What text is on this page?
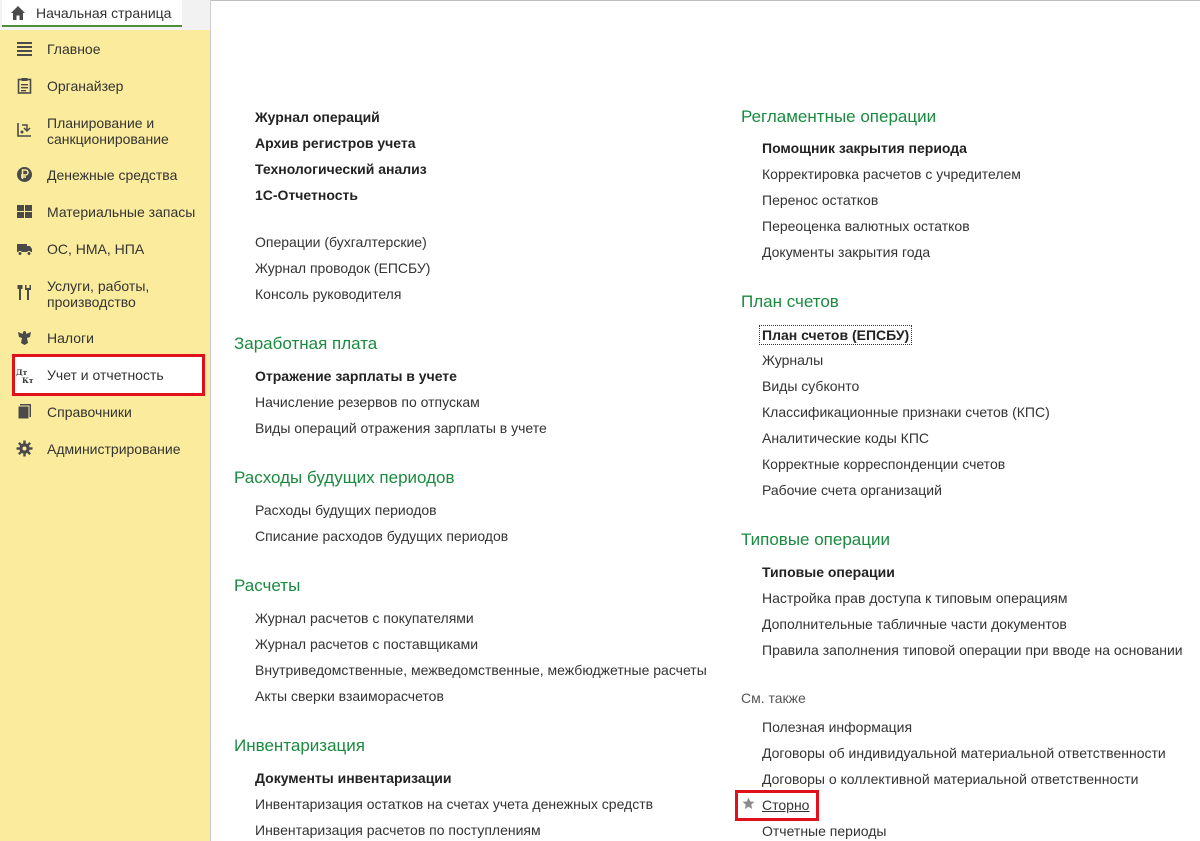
Начальная страница
Главное
Органайзер
Планирование и санкционирование
Денежные средства
Материальные запасы
ОС, НМА, НПА
Услуги, работы, производство
Налоги
Дт
Кт Учет и отчетность
Справочники
Администрирование
Журнал операций
Архив регистров учета
Технологический анализ
1С-Отчетность
Операции (бухгалтерские)
Журнал проводок (ЕПСБУ)
Консоль руководителя
Заработная плата
Отражение зарплаты в учете
Начисление резервов по отпускам
Виды операций отражения зарплаты в учете
Расходы будущих периодов
Расходы будущих периодов
Списание расходов будущих периодов
Расчеты
Журнал расчетов с покупателями
Журнал расчетов с поставщиками
Внутриведомственные, межведомственные, межбюджетные расчеты
Акты сверки взаиморасчетов
Инвентаризация
Документы инвентаризации
Инвентаризация остатков на счетах учета денежных средств
Инвентаризация расчетов по поступлениям
Регламентные операции
Помощник закрытия периода
Корректировка расчетов с учредителем
Перенос остатков
Переоценка валютных остатков
Документы закрытия года
План счетов
План счетов (ЕПСБУ)
Журналы
Виды субконто
Классификационные признаки счетов (КПС)
Аналитические коды КПС
Корректные корреспонденции счетов
Рабочие счета организаций
Типовые операции
Типовые операции
Настройка прав доступа к типовым операциям
Дополнительные табличные части документов
Правила заполнения типовой операции при вводе на основании
См. также
Полезная информация
Договоры об индивидуальной материальной ответственности
Договоры о коллективной материальной ответственности
Сторно
Отчетные периоды
